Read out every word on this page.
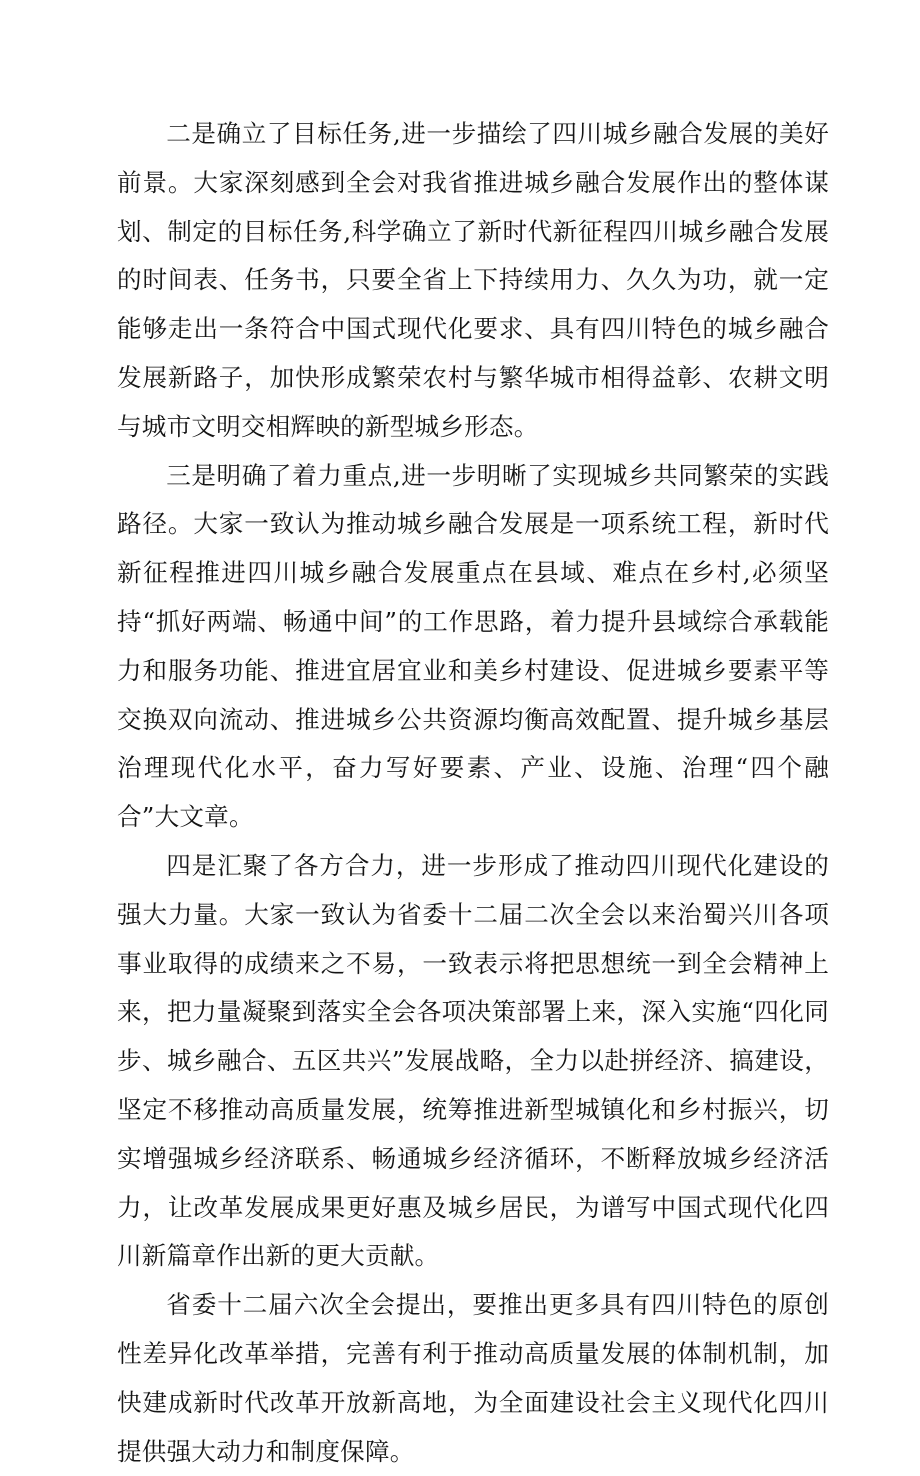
二是确立了目标任务,进一步描绘了四川城乡融合发展的美好前景。大家深刻感到全会对我省推进城乡融合发展作出的整体谋划、制定的目标任务,科学确立了新时代新征程四川城乡融合发展的时间表、任务书，只要全省上下持续用力、久久为功，就一定能够走出一条符合中国式现代化要求、具有四川特色的城乡融合发展新路子，加快形成繁荣农村与繁华城市相得益彰、农耕文明与城市文明交相辉映的新型城乡形态。

三是明确了着力重点,进一步明晰了实现城乡共同繁荣的实践路径。大家一致认为推动城乡融合发展是一项系统工程，新时代新征程推进四川城乡融合发展重点在县域、难点在乡村,必须坚持“抓好两端、畅通中间”的工作思路，着力提升县域综合承载能力和服务功能、推进宜居宜业和美乡村建设、促进城乡要素平等交换双向流动、推进城乡公共资源均衡高效配置、提升城乡基层治理现代化水平，奋力写好要素、产业、设施、治理“四个融合”大文章。

四是汇聚了各方合力，进一步形成了推动四川现代化建设的强大力量。大家一致认为省委十二届二次全会以来治蜀兴川各项事业取得的成绩来之不易，一致表示将把思想统一到全会精神上来，把力量凝聚到落实全会各项决策部署上来，深入实施“四化同步、城乡融合、五区共兴”发展战略，全力以赴拼经济、搞建设，坚定不移推动高质量发展，统筹推进新型城镇化和乡村振兴，切实增强城乡经济联系、畅通城乡经济循环，不断释放城乡经济活力，让改革发展成果更好惠及城乡居民，为谱写中国式现代化四川新篇章作出新的更大贡献。

省委十二届六次全会提出，要推出更多具有四川特色的原创性差异化改革举措，完善有利于推动高质量发展的体制机制，加快建成新时代改革开放新高地，为全面建设社会主义现代化四川提供强大动力和制度保障。
